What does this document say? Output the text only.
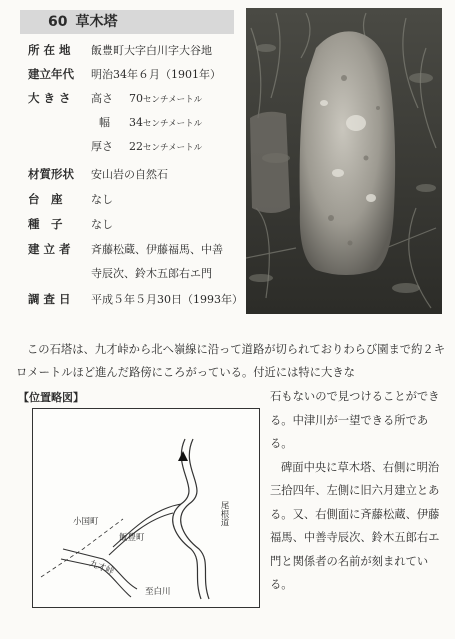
60 草木塔
所 在 地	飯豊町大字白川字大谷地
建立年代	明治34年６月（1901年）
大 き さ	高さ 70センチメートル
幅 34センチメートル
厚さ 22センチメートル
材質形状	安山岩の自然石
台　座	なし
種　子	なし
建 立 者	斉藤松蔵、伊藤福馬、中善
寺辰次、鈴木五郎右エ門
調 査 日	平成５年５月30日（1993年）
この石塔は、九才峠から北へ嶺線に沿って道路が切られておりわらび園まで約２キロメートルほど進んだ路傍にころがっている。付近には特に大きな

石もないので見つけることができる。中津川が一望できる所である。

碑面中央に草木塔、右側に明治三拾四年、左側に旧六月建立とある。又、右側面に斉藤松蔵、伊藤福馬、中善寺辰次、鈴木五郎右エ門と関係者の名前が刻まれている。

【位置略図】
尾根道
小国町
飯豊町
九才峠
至白川
